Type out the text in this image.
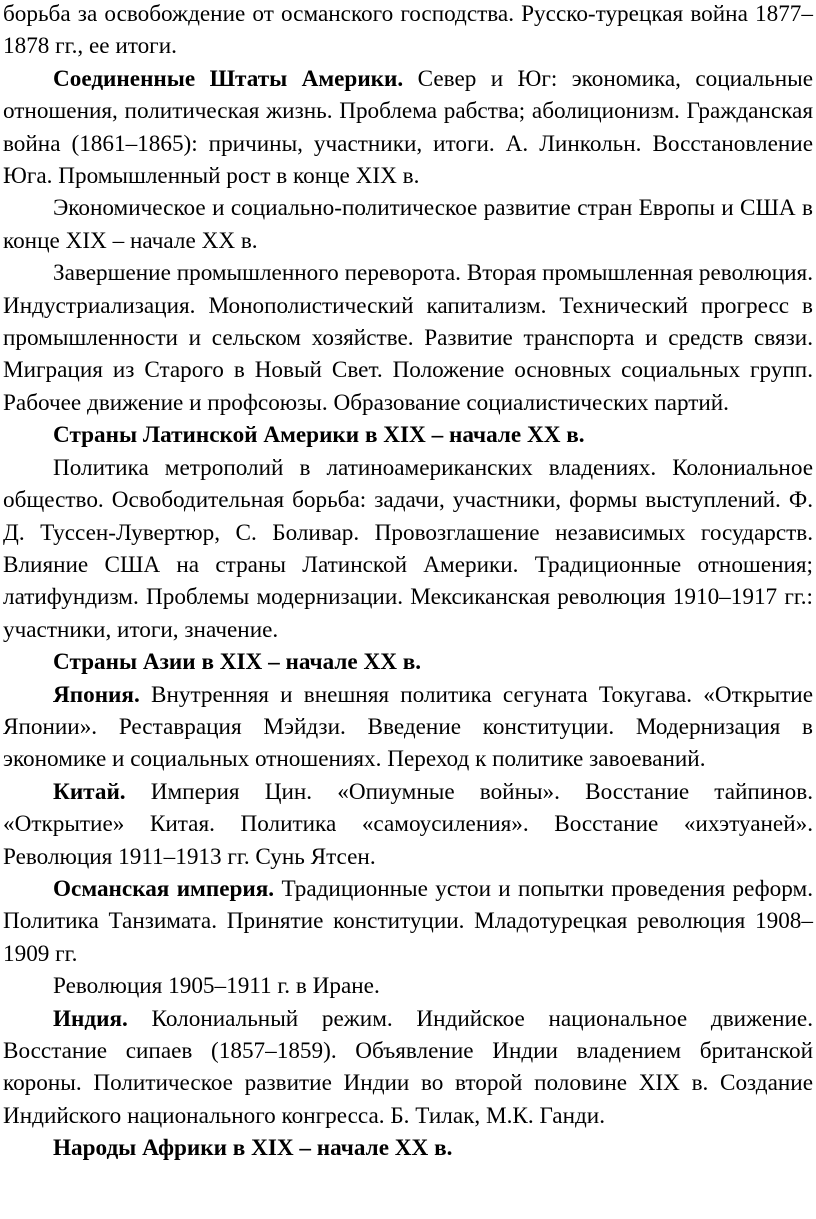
борьба за освобождение от османского господства. Русско-турецкая война 1877–1878 гг., ее итоги.

Соединенные Штаты Америки. Север и Юг: экономика, социальные отношения, политическая жизнь. Проблема рабства; аболиционизм. Гражданская война (1861–1865): причины, участники, итоги. А. Линкольн. Восстановление Юга. Промышленный рост в конце XIX в.

Экономическое и социально-политическое развитие стран Европы и США в конце XIX – начале XX в.

Завершение промышленного переворота. Вторая промышленная революция. Индустриализация. Монополистический капитализм. Технический прогресс в промышленности и сельском хозяйстве. Развитие транспорта и средств связи. Миграция из Старого в Новый Свет. Положение основных социальных групп. Рабочее движение и профсоюзы. Образование социалистических партий.

Страны Латинской Америки в XIX – начале XX в.

Политика метрополий в латиноамериканских владениях. Колониальное общество. Освободительная борьба: задачи, участники, формы выступлений. Ф. Д. Туссен-Лувертюр, С. Боливар. Провозглашение независимых государств. Влияние США на страны Латинской Америки. Традиционные отношения; латифундизм. Проблемы модернизации. Мексиканская революция 1910–1917 гг.: участники, итоги, значение.

Страны Азии в XIX – начале XX в.

Япония. Внутренняя и внешняя политика сегуната Токугава. «Открытие Японии». Реставрация Мэйдзи. Введение конституции. Модернизация в экономике и социальных отношениях. Переход к политике завоеваний.

Китай. Империя Цин. «Опиумные войны». Восстание тайпинов. «Открытие» Китая. Политика «самоусиления». Восстание «ихэтуаней». Революция 1911–1913 гг. Сунь Ятсен.

Османская империя. Традиционные устои и попытки проведения реформ. Политика Танзимата. Принятие конституции. Младотурецкая революция 1908–1909 гг.

Революция 1905–1911 г. в Иране.

Индия. Колониальный режим. Индийское национальное движение. Восстание сипаев (1857–1859). Объявление Индии владением британской короны. Политическое развитие Индии во второй половине XIX в. Создание Индийского национального конгресса. Б. Тилак, М.К. Ганди.

Народы Африки в XIX – начале XX в.
